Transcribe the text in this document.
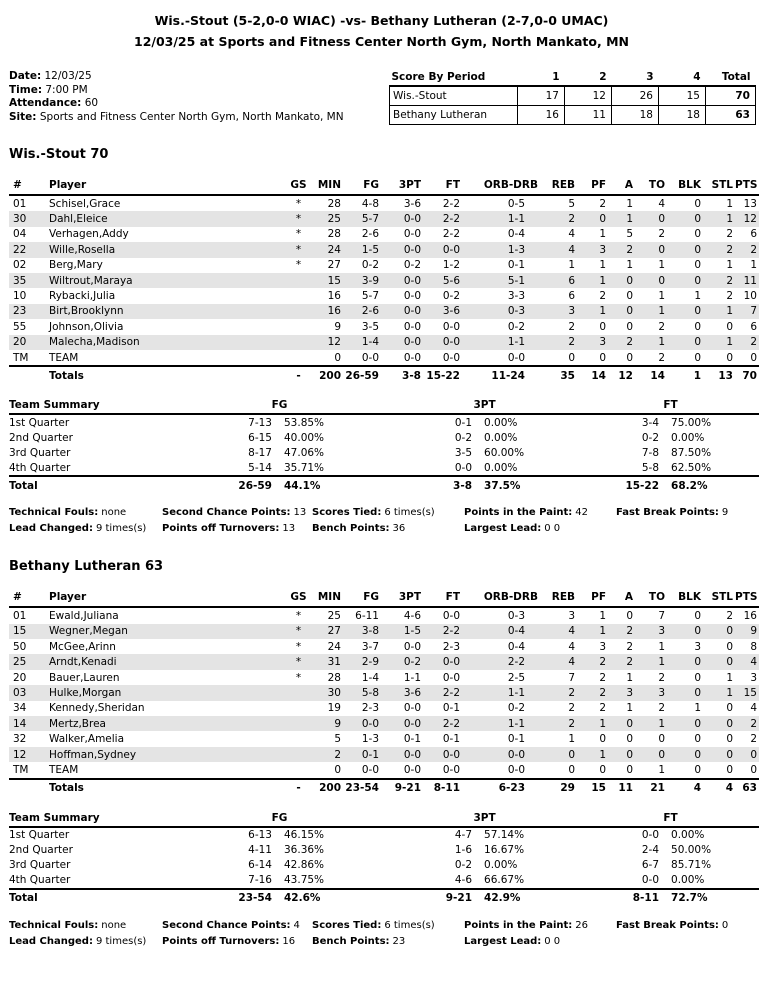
Wis.-Stout (5-2,0-0 WIAC) -vs- Bethany Lutheran (2-7,0-0 UMAC)
12/03/25 at Sports and Fitness Center North Gym, North Mankato, MN
Date: 12/03/25
Time: 7:00 PM
Attendance: 60
Site: Sports and Fitness Center North Gym, North Mankato, MN
Score By Period	1	2	3	4	Total
Wis.-Stout	17	12	26	15	70
Bethany Lutheran	16	11	18	18	63
Wis.-Stout 70
#	Player	GS	MIN	FG	3PT	FT	ORB-DRB	REB	PF	A	TO	BLK	STL	PTS
01	Schisel,Grace	*	28	4-8	3-6	2-2	0-5	5	2	1	4	0	1	13
30	Dahl,Eleice	*	25	5-7	0-0	2-2	1-1	2	0	1	0	0	1	12
04	Verhagen,Addy	*	28	2-6	0-0	2-2	0-4	4	1	5	2	0	2	6
22	Wille,Rosella	*	24	1-5	0-0	0-0	1-3	4	3	2	0	0	2	2
02	Berg,Mary	*	27	0-2	0-2	1-2	0-1	1	1	1	1	0	1	1
35	Wiltrout,Maraya		15	3-9	0-0	5-6	5-1	6	1	0	0	0	2	11
10	Rybacki,Julia		16	5-7	0-0	0-2	3-3	6	2	0	1	1	2	10
23	Birt,Brooklynn		16	2-6	0-0	3-6	0-3	3	1	0	1	0	1	7
55	Johnson,Olivia		9	3-5	0-0	0-0	0-2	2	0	0	2	0	0	6
20	Malecha,Madison		12	1-4	0-0	0-0	1-1	2	3	2	1	0	1	2
TM	TEAM		0	0-0	0-0	0-0	0-0	0	0	0	2	0	0	0
	Totals	-	200	26-59	3-8	15-22	11-24	35	14	12	14	1	13	70
Team Summary	FG		3PT		FT	
1st Quarter	7-13	53.85%	0-1	0.00%	3-4	75.00%
2nd Quarter	6-15	40.00%	0-2	0.00%	0-2	0.00%
3rd Quarter	8-17	47.06%	3-5	60.00%	7-8	87.50%
4th Quarter	5-14	35.71%	0-0	0.00%	5-8	62.50%
Total	26-59	44.1%	3-8	37.5%	15-22	68.2%
Technical Fouls: none	Second Chance Points: 13 Scores Tied: 6 times(s)	Points in the Paint: 42	Fast Break Points: 9
Lead Changed: 9 times(s)	Points off Turnovers: 13	Bench Points: 36	Largest Lead: 0 0
Bethany Lutheran 63
#	Player	GS	MIN	FG	3PT	FT	ORB-DRB	REB	PF	A	TO	BLK	STL	PTS
01	Ewald,Juliana	*	25	6-11	4-6	0-0	0-3	3	1	0	7	0	2	16
15	Wegner,Megan	*	27	3-8	1-5	2-2	0-4	4	1	2	3	0	0	9
50	McGee,Arinn	*	24	3-7	0-0	2-3	0-4	4	3	2	1	3	0	8
25	Arndt,Kenadi	*	31	2-9	0-2	0-0	2-2	4	2	2	1	0	0	4
20	Bauer,Lauren	*	28	1-4	1-1	0-0	2-5	7	2	1	2	0	1	3
03	Hulke,Morgan		30	5-8	3-6	2-2	1-1	2	2	3	3	0	1	15
34	Kennedy,Sheridan		19	2-3	0-0	0-1	0-2	2	2	1	2	1	0	4
14	Mertz,Brea		9	0-0	0-0	2-2	1-1	2	1	0	1	0	0	2
32	Walker,Amelia		5	1-3	0-1	0-1	0-1	1	0	0	0	0	0	2
12	Hoffman,Sydney		2	0-1	0-0	0-0	0-0	0	1	0	0	0	0	0
TM	TEAM		0	0-0	0-0	0-0	0-0	0	0	0	1	0	0	0
	Totals	-	200	23-54	9-21	8-11	6-23	29	15	11	21	4	4	63
Team Summary	FG		3PT		FT	
1st Quarter	6-13	46.15%	4-7	57.14%	0-0	0.00%
2nd Quarter	4-11	36.36%	1-6	16.67%	2-4	50.00%
3rd Quarter	6-14	42.86%	0-2	0.00%	6-7	85.71%
4th Quarter	7-16	43.75%	4-6	66.67%	0-0	0.00%
Total	23-54	42.6%	9-21	42.9%	8-11	72.7%
Technical Fouls: none	Second Chance Points: 4	Scores Tied: 6 times(s)	Points in the Paint: 26	Fast Break Points: 0
Lead Changed: 9 times(s)	Points off Turnovers: 16	Bench Points: 23	Largest Lead: 0 0
